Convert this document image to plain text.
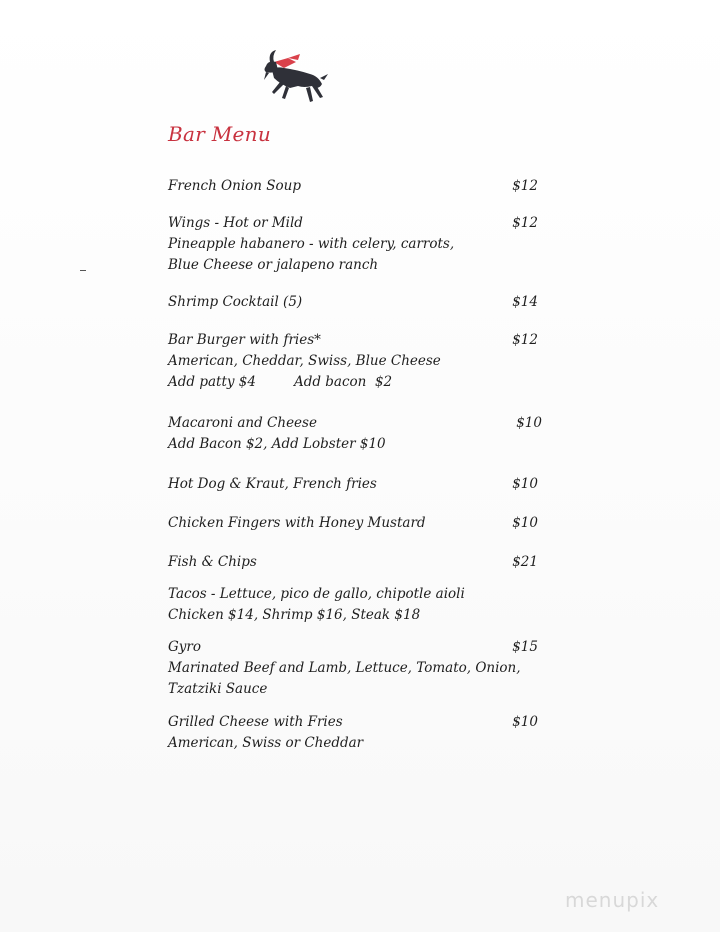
Bar Menu
French Onion Soup	$12
Wings - Hot or Mild	$12
Pineapple habanero - with celery, carrots,
Blue Cheese or jalapeno ranch
Shrimp Cocktail (5)	$14
Bar Burger with fries*	$12
American, Cheddar, Swiss, Blue Cheese
Add patty $4	Add bacon  $2
Macaroni and Cheese	$10
Add Bacon $2, Add Lobster $10
Hot Dog & Kraut, French fries	$10
Chicken Fingers with Honey Mustard	$10
Fish & Chips	$21
Tacos - Lettuce, pico de gallo, chipotle aioli
Chicken $14, Shrimp $16, Steak $18
Gyro	$15
Marinated Beef and Lamb, Lettuce, Tomato, Onion,
Tzatziki Sauce
Grilled Cheese with Fries	$10
American, Swiss or Cheddar
menupix
